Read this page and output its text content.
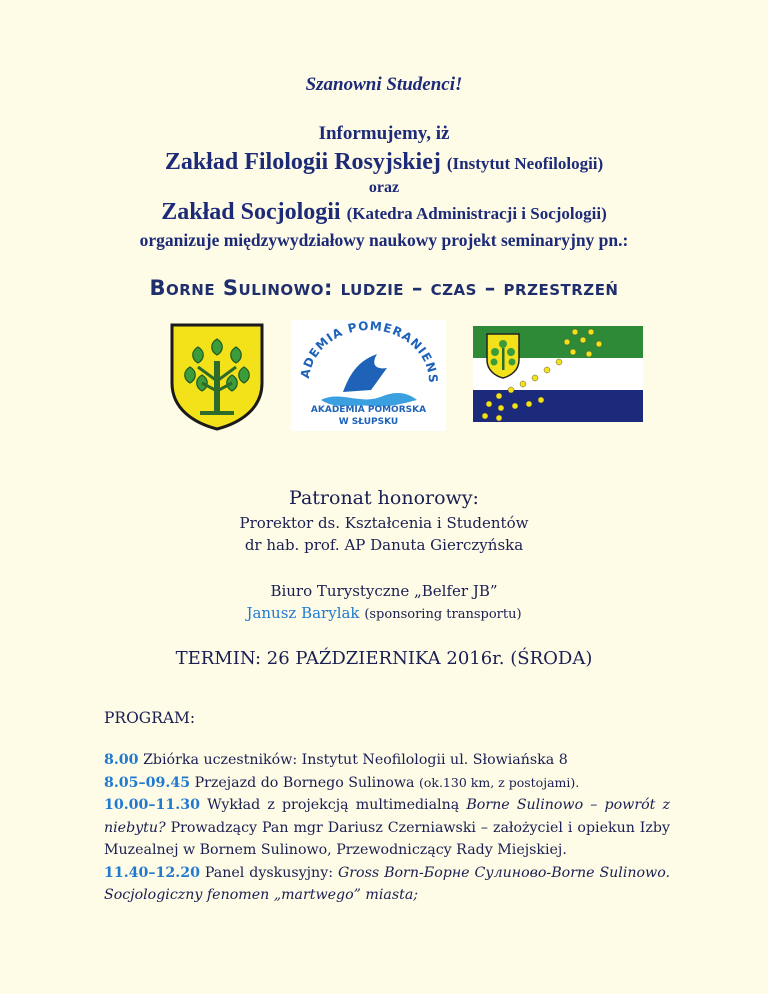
Szanowni Studenci!
Informujemy, iż
Zakład Filologii Rosyjskiej (Instytut Neofilologii)
oraz
Zakład Socjologii (Katedra Administracji i Socjologii)
organizuje międzywydziałowy naukowy projekt seminaryjny pn.:
Borne Sulinowo: ludzie – czas – przestrzeń
ADEMIA POMERANIENS
AKADEMIA POMORSKA
W SŁUPSKU
Patronat honorowy:
Prorektor ds. Kształcenia i Studentów
dr hab. prof. AP Danuta Gierczyńska
Biuro Turystyczne „Belfer JB”
Janusz Barylak (sponsoring transportu)
TERMIN: 26 PAŹDZIERNIKA 2016r. (ŚRODA)
PROGRAM:

8.00 Zbiórka uczestników: Instytut Neofilologii ul. Słowiańska 8

8.05–09.45 Przejazd do Bornego Sulinowa (ok.130 km, z postojami).

10.00–11.30 Wykład z projekcją multimedialną Borne Sulinowo – powrót z niebytu? Prowadzący Pan mgr Dariusz Czerniawski – założyciel i opiekun Izby Muzealnej w Bornem Sulinowo, Przewodniczący Rady Miejskiej.

11.40–12.20 Panel dyskusyjny: Gross Born-Борне Сулиново-Borne Sulinowo. Socjologiczny fenomen „martwego” miasta;
